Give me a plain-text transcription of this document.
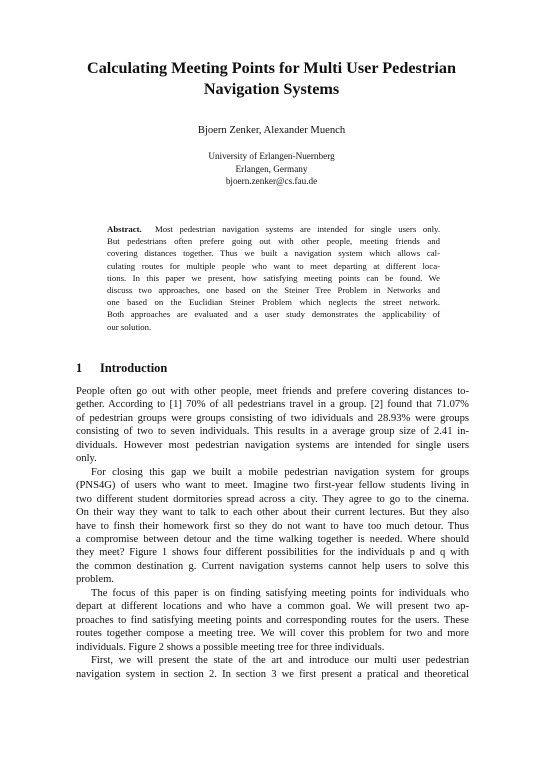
Calculating Meeting Points for Multi User Pedestrian
Navigation Systems
Bjoern Zenker, Alexander Muench
University of Erlangen-Nuernberg
Erlangen, Germany
bjoern.zenker@cs.fau.de
Abstract. Most pedestrian navigation systems are intended for single users only.
But pedestrians often prefere going out with other people, meeting friends and
covering distances together. Thus we built a navigation system which allows cal-
culating routes for multiple people who want to meet departing at different loca-
tions. In this paper we present, how satisfying meeting points can be found. We
discuss two approaches, one based on the Steiner Tree Problem in Networks and
one based on the Euclidian Steiner Problem which neglects the street network.
Both approaches are evaluated and a user study demonstrates the applicability of
our solution.
1 Introduction
People often go out with other people, meet friends and prefere covering distances to-
gether. According to [1] 70% of all pedestrians travel in a group. [2] found that 71.07%
of pedestrian groups were groups consisting of two idividuals and 28.93% were groups
consisting of two to seven individuals. This results in a average group size of 2.41 in-
dividuals. However most pedestrian navigation systems are intended for single users
only.
For closing this gap we built a mobile pedestrian navigation system for groups
(PNS4G) of users who want to meet. Imagine two first-year fellow students living in
two different student dormitories spread across a city. They agree to go to the cinema.
On their way they want to talk to each other about their current lectures. But they also
have to finsh their homework first so they do not want to have too much detour. Thus
a compromise between detour and the time walking together is needed. Where should
they meet? Figure 1 shows four different possibilities for the individuals p and q with
the common destination g. Current navigation systems cannot help users to solve this
problem.
The focus of this paper is on finding satisfying meeting points for individuals who
depart at different locations and who have a common goal. We will present two ap-
proaches to find satisfying meeting points and corresponding routes for the users. These
routes together compose a meeting tree. We will cover this problem for two and more
individuals. Figure 2 shows a possible meeting tree for three individuals.
First, we will present the state of the art and introduce our multi user pedestrian
navigation system in section 2. In section 3 we first present a pratical and theoretical
